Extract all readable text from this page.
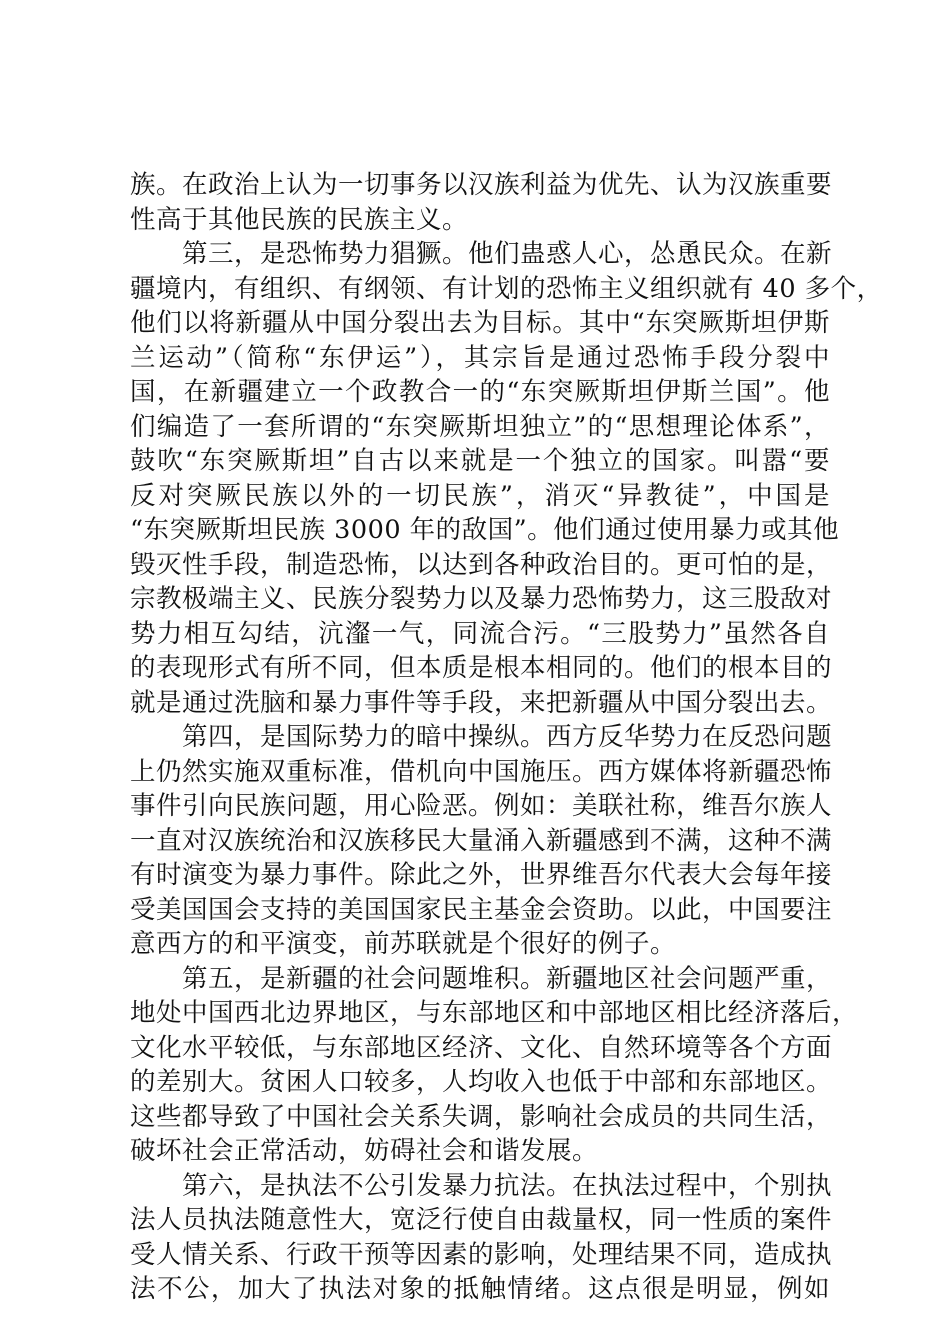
族。在政治上认为一切事务以汉族利益为优先、认为汉族重要
性高于其他民族的民族主义。
第三，是恐怖势力猖獗。他们蛊惑人心，怂恿民众。在新
疆境内，有组织、有纲领、有计划的恐怖主义组织就有 40 多个，
他们以将新疆从中国分裂出去为目标。其中“东突厥斯坦伊斯
兰运动”（简称“东伊运”），其宗旨是通过恐怖手段分裂中
国，在新疆建立一个政教合一的“东突厥斯坦伊斯兰国”。他
们编造了一套所谓的“东突厥斯坦独立”的“思想理论体系”，
鼓吹“东突厥斯坦”自古以来就是一个独立的国家。叫嚣“要
反对突厥民族以外的一切民族”，消灭“异教徒”，中国是
“东突厥斯坦民族 3000 年的敌国”。他们通过使用暴力或其他
毁灭性手段，制造恐怖，以达到各种政治目的。更可怕的是，
宗教极端主义、民族分裂势力以及暴力恐怖势力，这三股敌对
势力相互勾结，沆瀣一气，同流合污。“三股势力”虽然各自
的表现形式有所不同，但本质是根本相同的。他们的根本目的
就是通过洗脑和暴力事件等手段，来把新疆从中国分裂出去。
第四，是国际势力的暗中操纵。西方反华势力在反恐问题
上仍然实施双重标准，借机向中国施压。西方媒体将新疆恐怖
事件引向民族问题，用心险恶。例如：美联社称，维吾尔族人
一直对汉族统治和汉族移民大量涌入新疆感到不满，这种不满
有时演变为暴力事件。除此之外，世界维吾尔代表大会每年接
受美国国会支持的美国国家民主基金会资助。以此，中国要注
意西方的和平演变，前苏联就是个很好的例子。
第五，是新疆的社会问题堆积。新疆地区社会问题严重，
地处中国西北边界地区，与东部地区和中部地区相比经济落后，
文化水平较低，与东部地区经济、文化、自然环境等各个方面
的差别大。贫困人口较多，人均收入也低于中部和东部地区。
这些都导致了中国社会关系失调，影响社会成员的共同生活，
破坏社会正常活动，妨碍社会和谐发展。
第六，是执法不公引发暴力抗法。在执法过程中，个别执
法人员执法随意性大，宽泛行使自由裁量权，同一性质的案件
受人情关系、行政干预等因素的影响，处理结果不同，造成执
法不公，加大了执法对象的抵触情绪。这点很是明显，例如
